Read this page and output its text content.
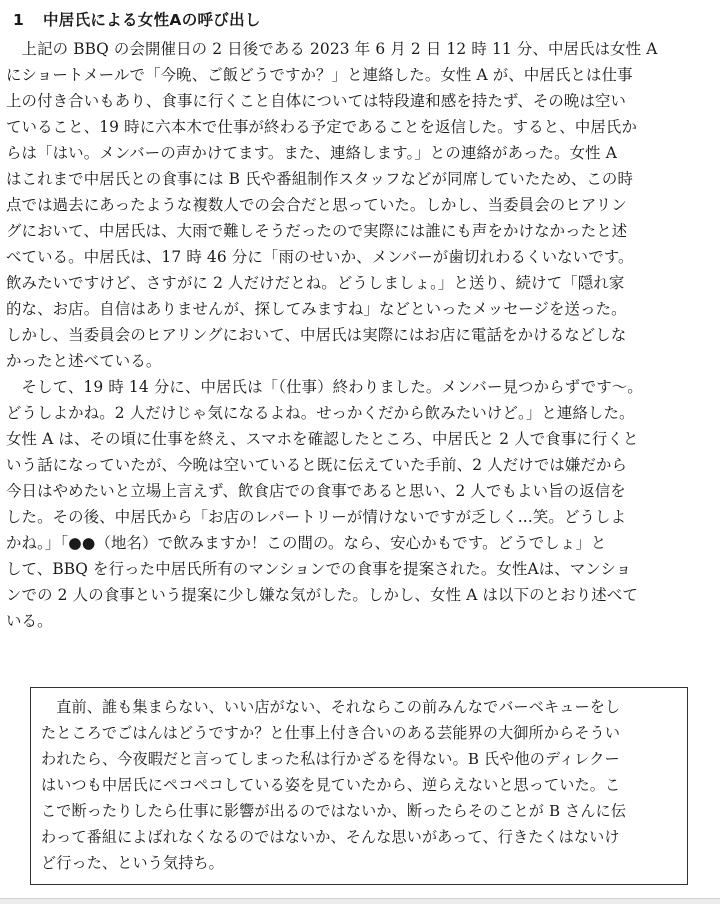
1 中居氏による女性Aの呼び出し
　上記の BBQ の会開催日の 2 日後である 2023 年 6 月 2 日 12 時 11 分、中居氏は女性 A
にショートメールで「今晩、ご飯どうですか？」と連絡した。女性 A が、中居氏とは仕事
上の付き合いもあり、食事に行くこと自体については特段違和感を持たず、その晩は空い
ていること、19 時に六本木で仕事が終わる予定であることを返信した。すると、中居氏か
らは「はい。メンバーの声かけてます。また、連絡します。」との連絡があった。女性 A
はこれまで中居氏との食事には B 氏や番組制作スタッフなどが同席していたため、この時
点では過去にあったような複数人での会合だと思っていた。しかし、当委員会のヒアリン
グにおいて、中居氏は、大雨で難しそうだったので実際には誰にも声をかけなかったと述
べている。中居氏は、17 時 46 分に「雨のせいか、メンバーが歯切れわるくいないです。
飲みたいですけど、さすがに 2 人だけだとね。どうしましょ。」と送り、続けて「隠れ家
的な、お店。自信はありませんが、探してみますね」などといったメッセージを送った。
しかし、当委員会のヒアリングにおいて、中居氏は実際にはお店に電話をかけるなどしな
かったと述べている。
　そして、19 時 14 分に、中居氏は「（仕事）終わりました。メンバー見つからずです〜。
どうしよかね。2 人だけじゃ気になるよね。せっかくだから飲みたいけど。」と連絡した。
女性 A は、その頃に仕事を終え、スマホを確認したところ、中居氏と 2 人で食事に行くと
いう話になっていたが、今晩は空いていると既に伝えていた手前、2 人だけでは嫌だから
今日はやめたいと立場上言えず、飲食店での食事であると思い、2 人でもよい旨の返信を
した。その後、中居氏から「お店のレパートリーが情けないですが乏しく...笑。どうしよ
かね。」「●●（地名）で飲みますか！この間の。なら、安心かもです。どうでしょ」と
して、BBQ を行った中居氏所有のマンションでの食事を提案された。女性Aは、マンショ
ンでの 2 人の食事という提案に少し嫌な気がした。しかし、女性 A は以下のとおり述べて
いる。
　直前、誰も集まらない、いい店がない、それならこの前みんなでバーベキューをし
たところでごはんはどうですか？と仕事上付き合いのある芸能界の大御所からそうい
われたら、今夜暇だと言ってしまった私は行かざるを得ない。B 氏や他のディレクー
はいつも中居氏にペコペコしている姿を見ていたから、逆らえないと思っていた。こ
こで断ったりしたら仕事に影響が出るのではないか、断ったらそのことが B さんに伝
わって番組によばれなくなるのではないか、そんな思いがあって、行きたくはないけ
ど行った、という気持ち。
